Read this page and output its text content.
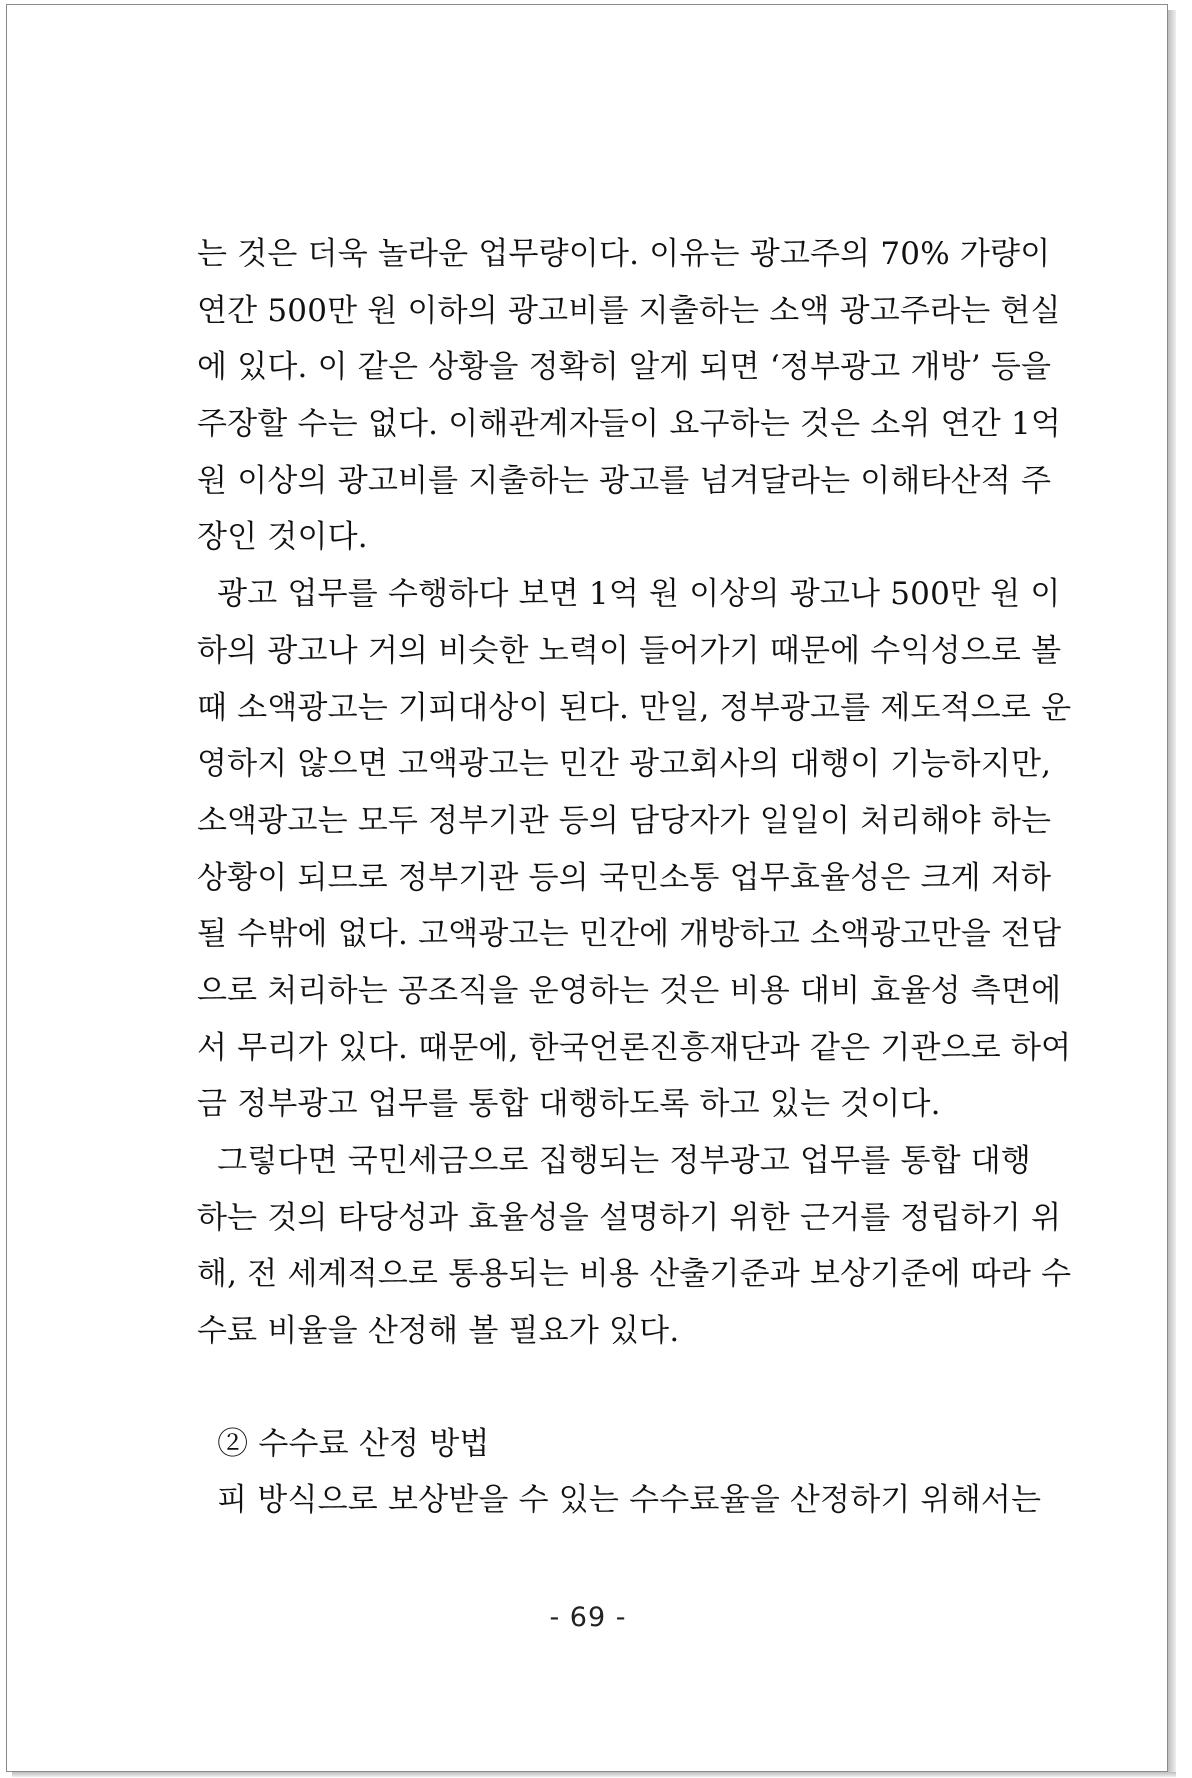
는 것은 더욱 놀라운 업무량이다. 이유는 광고주의 70% 가량이
연간 500만 원 이하의 광고비를 지출하는 소액 광고주라는 현실
에 있다. 이 같은 상황을 정확히 알게 되면 ‘정부광고 개방’ 등을
주장할 수는 없다. 이해관계자들이 요구하는 것은 소위 연간 1억
원 이상의 광고비를 지출하는 광고를 넘겨달라는 이해타산적 주
장인 것이다.

광고 업무를 수행하다 보면 1억 원 이상의 광고나 500만 원 이
하의 광고나 거의 비슷한 노력이 들어가기 때문에 수익성으로 볼
때 소액광고는 기피대상이 된다. 만일, 정부광고를 제도적으로 운
영하지 않으면 고액광고는 민간 광고회사의 대행이 기능하지만,
소액광고는 모두 정부기관 등의 담당자가 일일이 처리해야 하는
상황이 되므로 정부기관 등의 국민소통 업무효율성은 크게 저하
될 수밖에 없다. 고액광고는 민간에 개방하고 소액광고만을 전담
으로 처리하는 공조직을 운영하는 것은 비용 대비 효율성 측면에
서 무리가 있다. 때문에, 한국언론진흥재단과 같은 기관으로 하여
금 정부광고 업무를 통합 대행하도록 하고 있는 것이다.

그렇다면 국민세금으로 집행되는 정부광고 업무를 통합 대행
하는 것의 타당성과 효율성을 설명하기 위한 근거를 정립하기 위
해, 전 세계적으로 통용되는 비용 산출기준과 보상기준에 따라 수
수료 비율을 산정해 볼 필요가 있다.

② 수수료 산정 방법

피 방식으로 보상받을 수 있는 수수료율을 산정하기 위해서는

- 69 -
